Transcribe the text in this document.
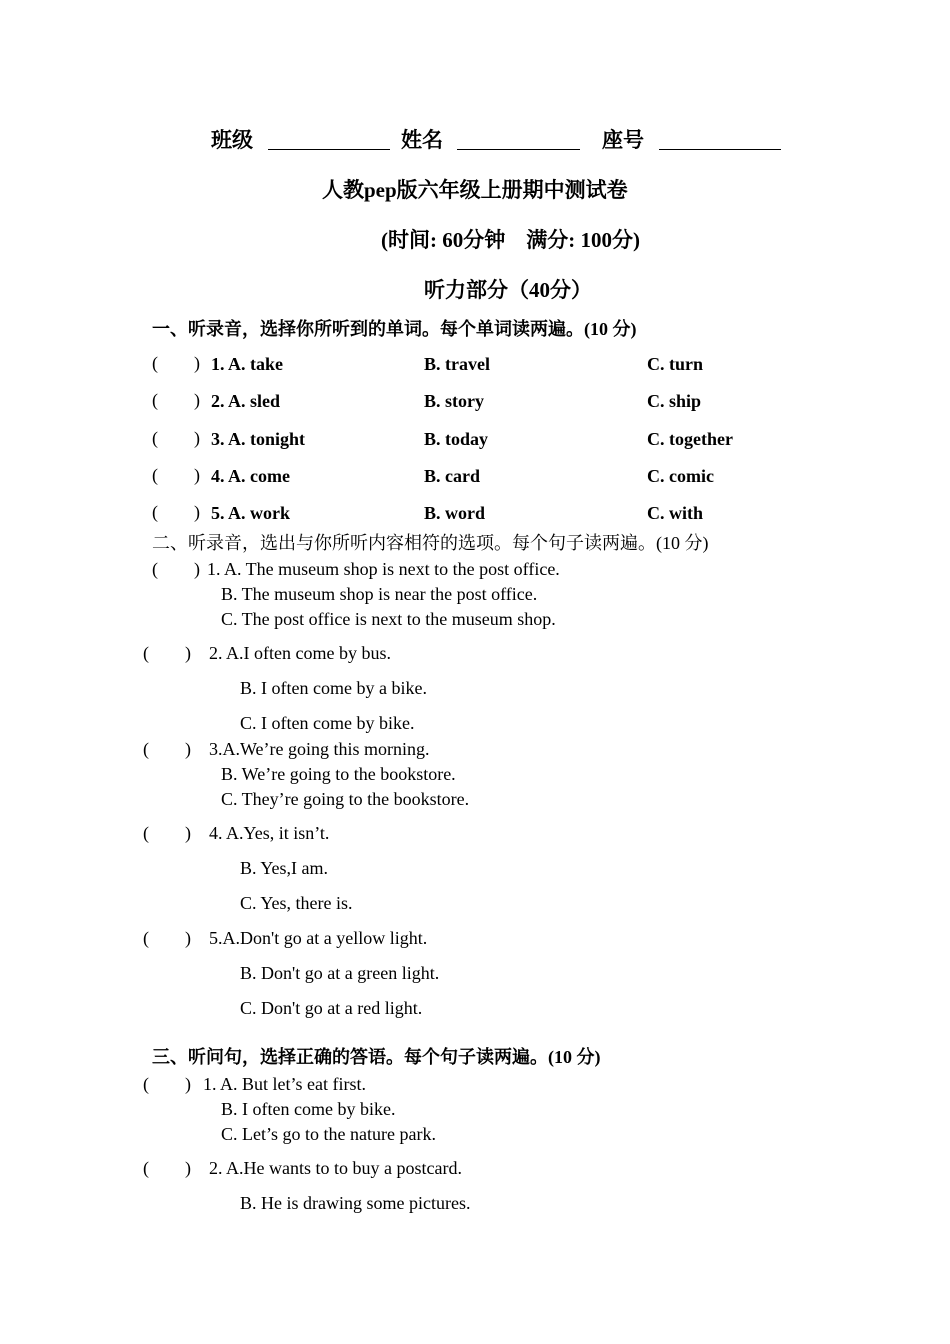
班级	姓名	座号
人教pep版六年级上册期中测试卷
(时间: 60分钟　满分: 100分)
听力部分（40分）
一、听录音，选择你所听到的单词。每个单词读两遍。(10 分)
(　　) 1. A. take	B. travel	C. turn
(　　) 2. A. sled	B. story	C. ship
(　　) 3. A. tonight	B. today	C. together
(　　) 4. A. come	B. card	C. comic
(　　) 5. A. work	B. word	C. with
二、听录音，选出与你所听内容相符的选项。每个句子读两遍。(10 分)
(　　) 1. A. The museum shop is next to the post office.
B. The museum shop is near the post office.
C. The post office is next to the museum shop.
(　　) 2. A.I often come by bus.
B. I often come by a bike.
C. I often come by bike.
(　　) 3.A.We’re going this morning.
B. We’re going to the bookstore.
C. They’re going to the bookstore.
(　　) 4. A.Yes, it isn’t.
B. Yes,I am.
C. Yes, there is.
(　　) 5.A.Don't go at a yellow light.
B. Don't go at a green light.
C. Don't go at a red light.
三、听问句，选择正确的答语。每个句子读两遍。(10 分)
(　　) 1. A. But let’s eat first.
B. I often come by bike.
C. Let’s go to the nature park.
(　　) 2. A.He wants to to buy a postcard.
B. He is drawing some pictures.
